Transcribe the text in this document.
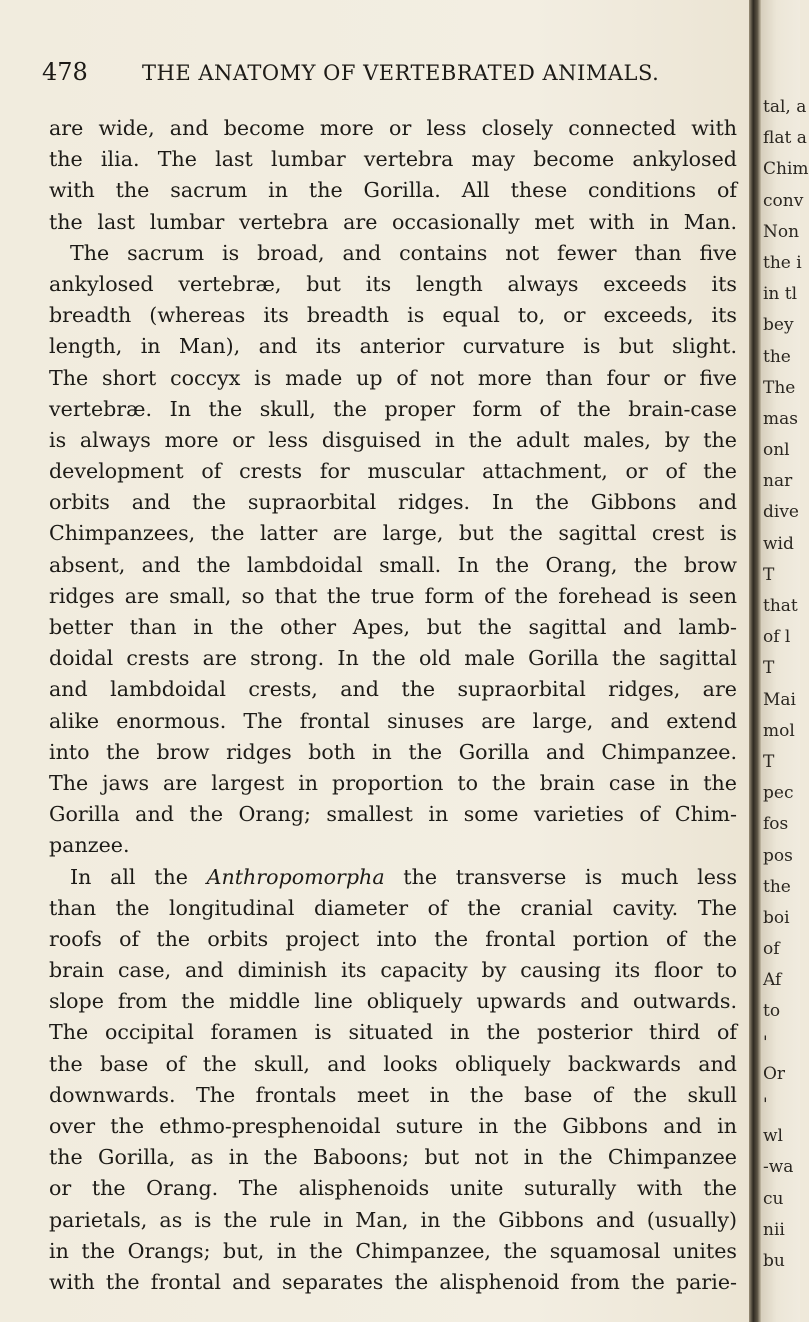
478	THE ANATOMY OF VERTEBRATED ANIMALS.
are wide, and become more or less closely connected with
the ilia. The last lumbar vertebra may become ankylosed
with the sacrum in the Gorilla. All these conditions of
the last lumbar vertebra are occasionally met with in Man.
The sacrum is broad, and contains not fewer than five
ankylosed vertebræ, but its length always exceeds its
breadth (whereas its breadth is equal to, or exceeds, its
length, in Man), and its anterior curvature is but slight.
The short coccyx is made up of not more than four or five
vertebræ. In the skull, the proper form of the brain-case
is always more or less disguised in the adult males, by the
development of crests for muscular attachment, or of the
orbits and the supraorbital ridges. In the Gibbons and
Chimpanzees, the latter are large, but the sagittal crest is
absent, and the lambdoidal small. In the Orang, the brow
ridges are small, so that the true form of the forehead is seen
better than in the other Apes, but the sagittal and lamb-
doidal crests are strong. In the old male Gorilla the sagittal
and lambdoidal crests, and the supraorbital ridges, are
alike enormous. The frontal sinuses are large, and extend
into the brow ridges both in the Gorilla and Chimpanzee.
The jaws are largest in proportion to the brain case in the
Gorilla and the Orang; smallest in some varieties of Chim-
panzee.
In all the Anthropomorpha the transverse is much less
than the longitudinal diameter of the cranial cavity. The
roofs of the orbits project into the frontal portion of the
brain case, and diminish its capacity by causing its floor to
slope from the middle line obliquely upwards and outwards.
The occipital foramen is situated in the posterior third of
the base of the skull, and looks obliquely backwards and
downwards. The frontals meet in the base of the skull
over the ethmo-presphenoidal suture in the Gibbons and in
the Gorilla, as in the Baboons; but not in the Chimpanzee
or the Orang. The alisphenoids unite suturally with the
parietals, as is the rule in Man, in the Gibbons and (usually)
in the Orangs; but, in the Chimpanzee, the squamosal unites
with the frontal and separates the alisphenoid from the parie-
tal, a
flat a
Chim
conv
Non
the i
in tl
bey
the
The
mas
onl
nar
dive
wid
T
that
of l
T
Mai
mol
T
pec
fos
pos
the
boi
of
Af
to
'
Or
'
wl
-wa
cu
nii
bu
